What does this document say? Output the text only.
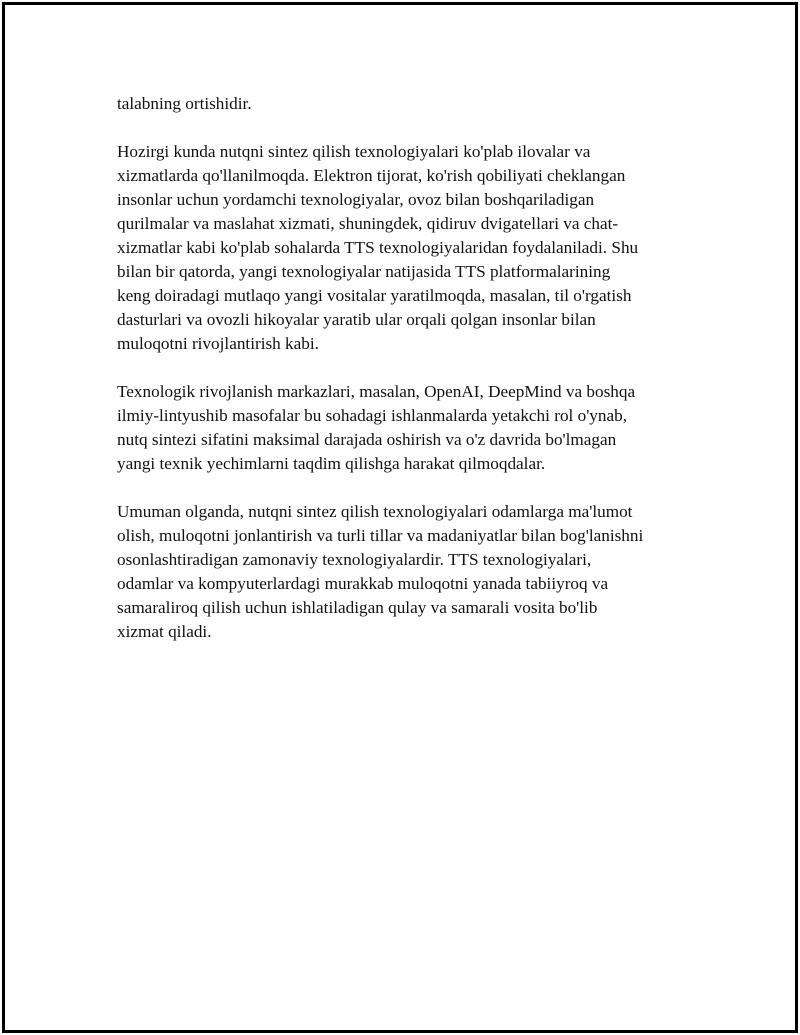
talabning ortishidir.
Hozirgi kunda nutqni sintez qilish texnologiyalari ko'plab ilovalar va
xizmatlarda qo'llanilmoqda. Elektron tijorat, ko'rish qobiliyati cheklangan
insonlar uchun yordamchi texnologiyalar, ovoz bilan boshqariladigan
qurilmalar va maslahat xizmati, shuningdek, qidiruv dvigatellari va chat-
xizmatlar kabi ko'plab sohalarda TTS texnologiyalaridan foydalaniladi. Shu
bilan bir qatorda, yangi texnologiyalar natijasida TTS platformalarining
keng doiradagi mutlaqo yangi vositalar yaratilmoqda, masalan, til o'rgatish
dasturlari va ovozli hikoyalar yaratib ular orqali qolgan insonlar bilan
muloqotni rivojlantirish kabi.
Texnologik rivojlanish markazlari, masalan, OpenAI, DeepMind va boshqa
ilmiy-lintyushib masofalar bu sohadagi ishlanmalarda yetakchi rol o'ynab,
nutq sintezi sifatini maksimal darajada oshirish va o'z davrida bo'lmagan
yangi texnik yechimlarni taqdim qilishga harakat qilmoqdalar.
Umuman olganda, nutqni sintez qilish texnologiyalari odamlarga ma'lumot
olish, muloqotni jonlantirish va turli tillar va madaniyatlar bilan bog'lanishni
osonlashtiradigan zamonaviy texnologiyalardir. TTS texnologiyalari,
odamlar va kompyuterlardagi murakkab muloqotni yanada tabiiyroq va
samaraliroq qilish uchun ishlatiladigan qulay va samarali vosita bo'lib
xizmat qiladi.
